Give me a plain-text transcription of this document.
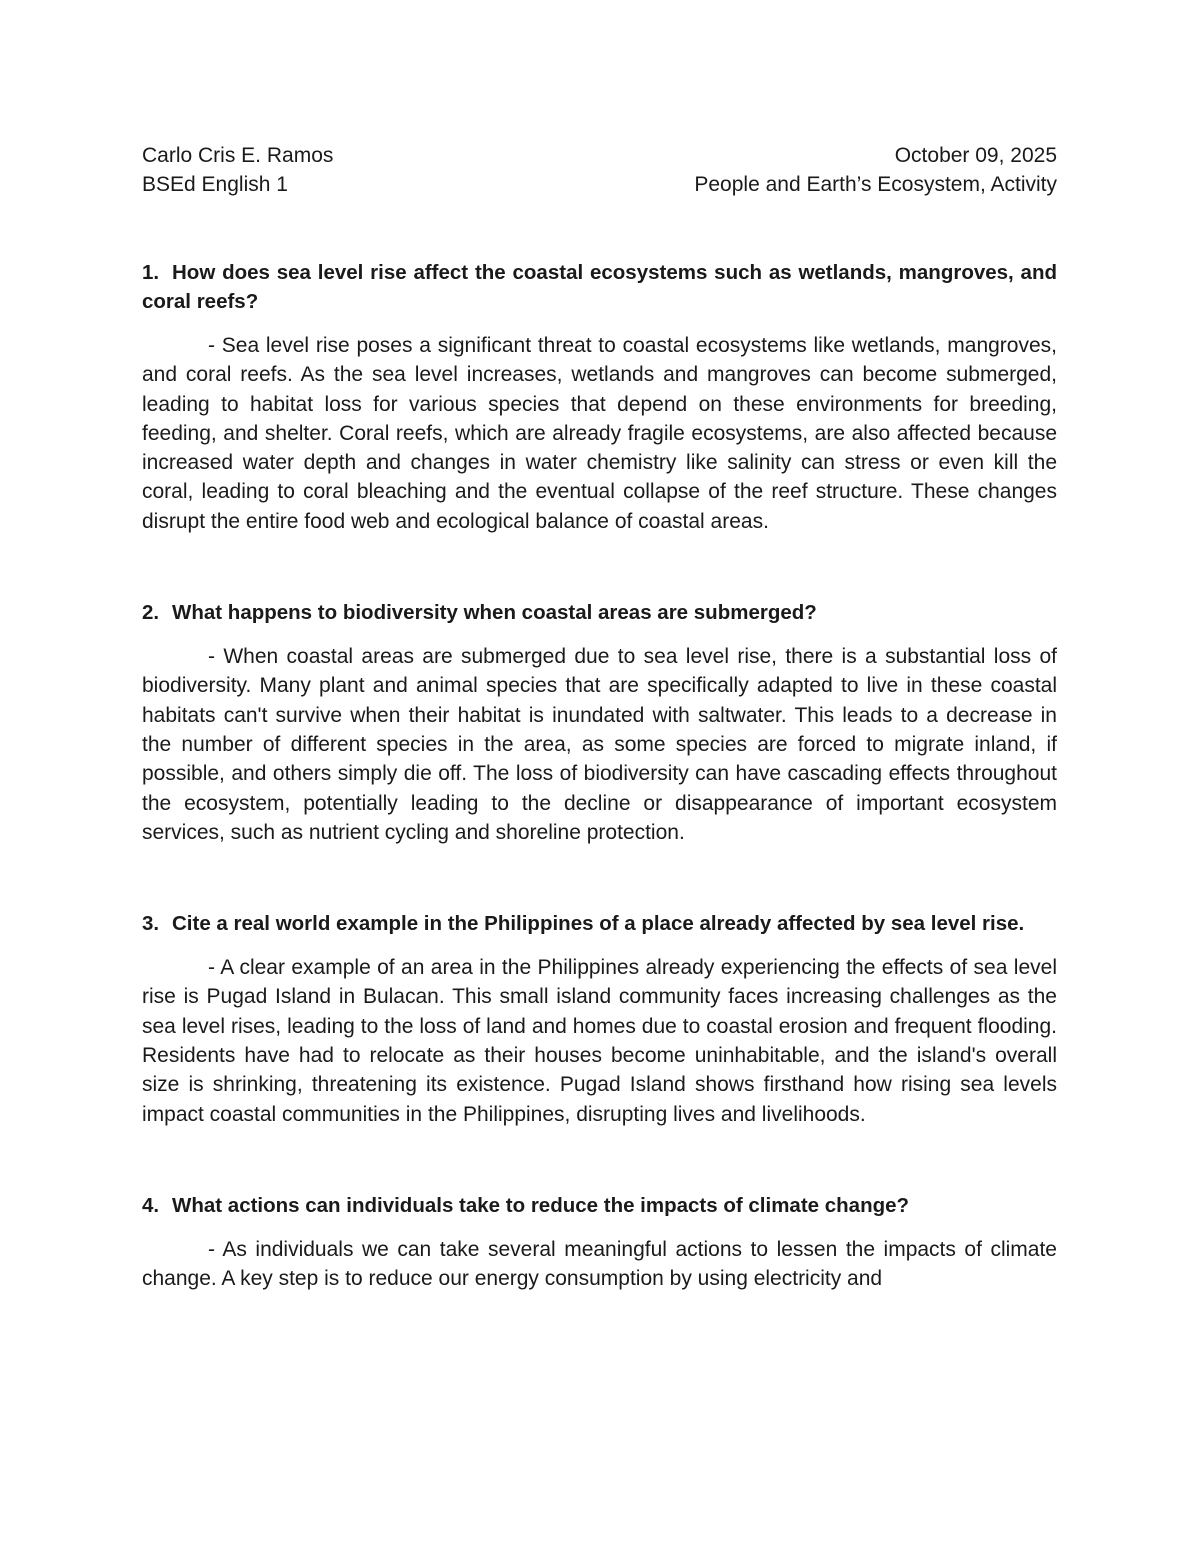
Carlo Cris E. Ramos
BSEd English 1
October 09, 2025
People and Earth’s Ecosystem, Activity

1. How does sea level rise affect the coastal ecosystems such as wetlands, mangroves, and coral reefs?

- Sea level rise poses a significant threat to coastal ecosystems like wetlands, mangroves, and coral reefs. As the sea level increases, wetlands and mangroves can become submerged, leading to habitat loss for various species that depend on these environments for breeding, feeding, and shelter. Coral reefs, which are already fragile ecosystems, are also affected because increased water depth and changes in water chemistry like salinity can stress or even kill the coral, leading to coral bleaching and the eventual collapse of the reef structure. These changes disrupt the entire food web and ecological balance of coastal areas.

2. What happens to biodiversity when coastal areas are submerged?

- When coastal areas are submerged due to sea level rise, there is a substantial loss of biodiversity. Many plant and animal species that are specifically adapted to live in these coastal habitats can't survive when their habitat is inundated with saltwater. This leads to a decrease in the number of different species in the area, as some species are forced to migrate inland, if possible, and others simply die off. The loss of biodiversity can have cascading effects throughout the ecosystem, potentially leading to the decline or disappearance of important ecosystem services, such as nutrient cycling and shoreline protection.

3. Cite a real world example in the Philippines of a place already affected by sea level rise.

- A clear example of an area in the Philippines already experiencing the effects of sea level rise is Pugad Island in Bulacan. This small island community faces increasing challenges as the sea level rises, leading to the loss of land and homes due to coastal erosion and frequent flooding. Residents have had to relocate as their houses become uninhabitable, and the island's overall size is shrinking, threatening its existence. Pugad Island shows firsthand how rising sea levels impact coastal communities in the Philippines, disrupting lives and livelihoods.

4. What actions can individuals take to reduce the impacts of climate change?

- As individuals we can take several meaningful actions to lessen the impacts of climate change. A key step is to reduce our energy consumption by using electricity and
